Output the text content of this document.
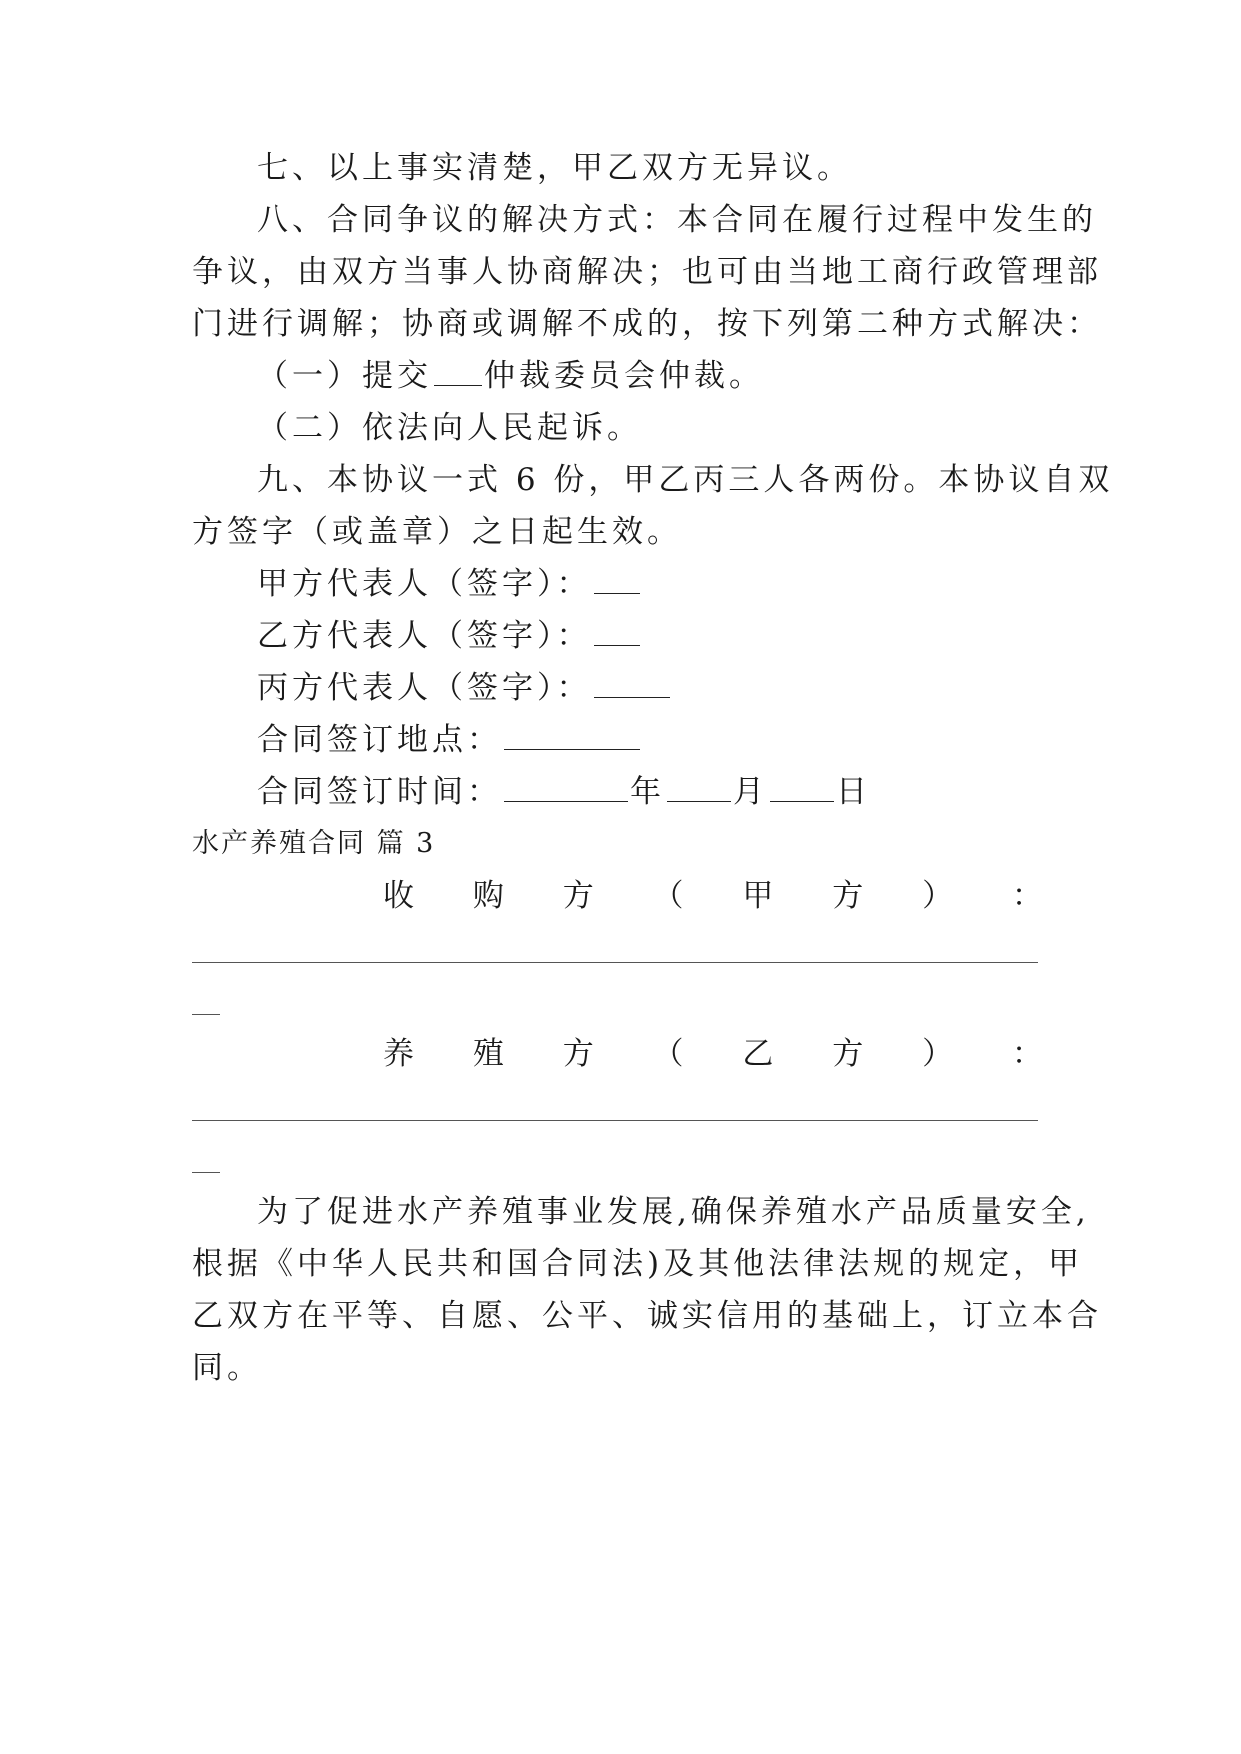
七、以上事实清楚，甲乙双方无异议。

八、合同争议的解决方式：本合同在履行过程中发生的

争议，由双方当事人协商解决；也可由当地工商行政管理部

门进行调解；协商或调解不成的，按下列第二种方式解决：

（一）提交 仲裁委员会仲裁。

（二）依法向人民起诉。

九、本协议一式 6 份，甲乙丙三人各两份。本协议自双

方签字（或盖章）之日起生效。

甲方代表人（签字）：

乙方代表人（签字）：

丙方代表人（签字）：

合同签订地点：

合同签订时间：	年 月 日

水产养殖合同 篇 3

收 购 方 （ 甲 方 ） ：
养 殖 方 （ 乙 方 ） ：

为了促进水产养殖事业发展,确保养殖水产品质量安全,

根据《中华人民共和国合同法)及其他法律法规的规定，甲

乙双方在平等、自愿、公平、诚实信用的基础上，订立本合

同。
